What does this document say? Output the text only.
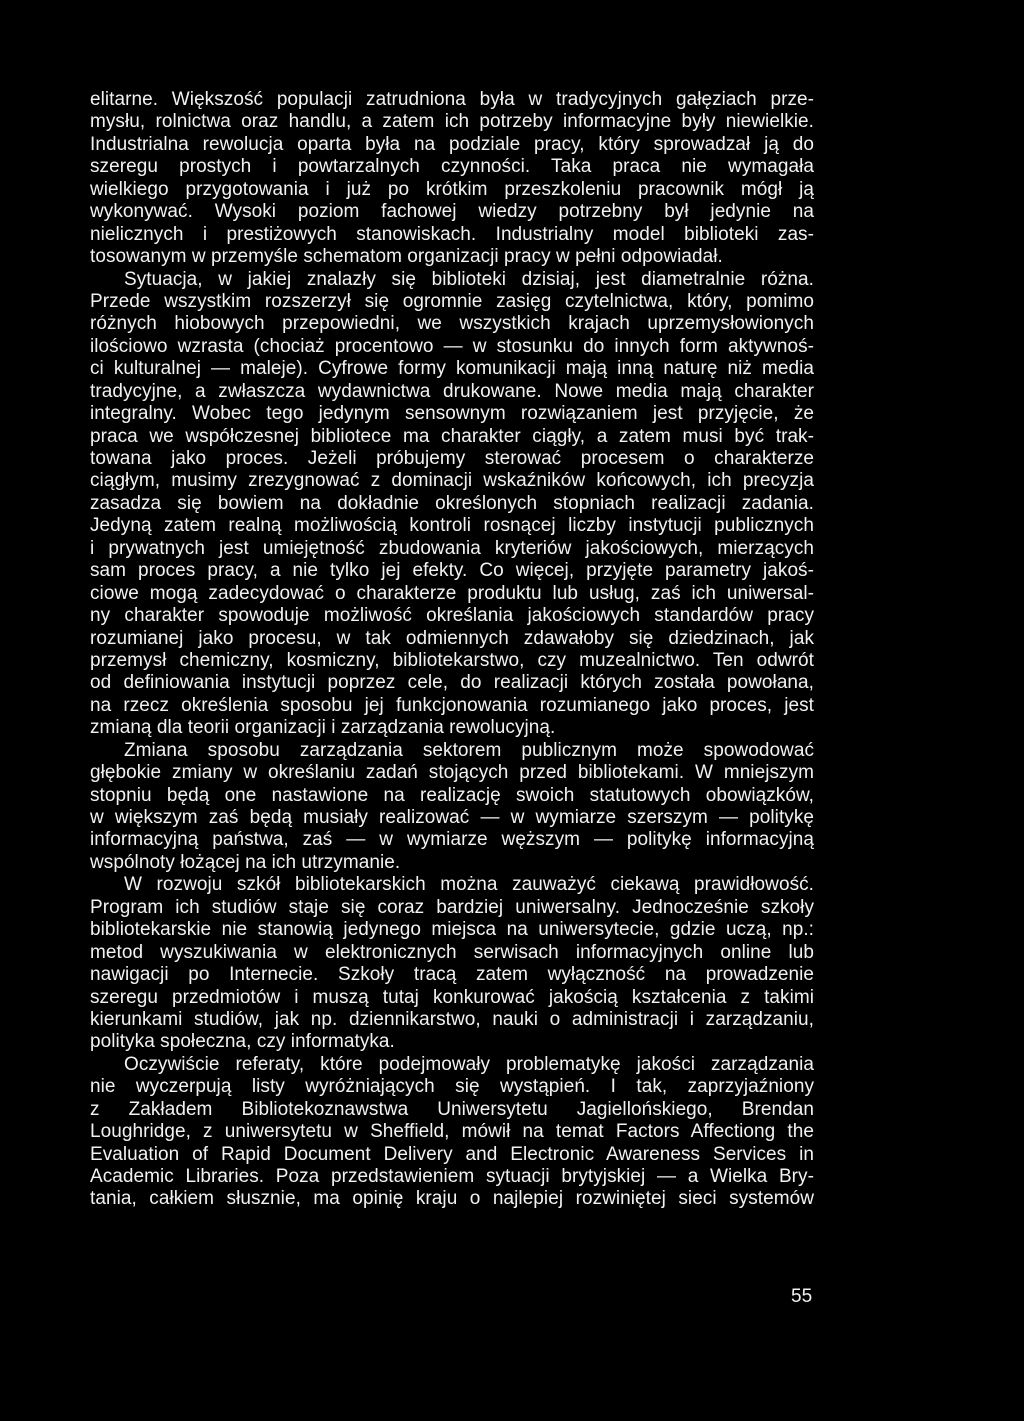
elitarne. Większość populacji zatrudniona była w tradycyjnych gałęziach prze-
mysłu, rolnictwa oraz handlu, a zatem ich potrzeby informacyjne były niewielkie.
Industrialna rewolucja oparta była na podziale pracy, który sprowadzał ją do
szeregu prostych i powtarzalnych czynności. Taka praca nie wymagała
wielkiego przygotowania i już po krótkim przeszkoleniu pracownik mógł ją
wykonywać. Wysoki poziom fachowej wiedzy potrzebny był jedynie na
nielicznych i prestiżowych stanowiskach. Industrialny model biblioteki zas-
tosowanym w przemyśle schematom organizacji pracy w pełni odpowiadał.
Sytuacja, w jakiej znalazły się biblioteki dzisiaj, jest diametralnie różna.
Przede wszystkim rozszerzył się ogromnie zasięg czytelnictwa, który, pomimo
różnych hiobowych przepowiedni, we wszystkich krajach uprzemysłowionych
ilościowo wzrasta (chociaż procentowo — w stosunku do innych form aktywnoś-
ci kulturalnej — maleje). Cyfrowe formy komunikacji mają inną naturę niż media
tradycyjne, a zwłaszcza wydawnictwa drukowane. Nowe media mają charakter
integralny. Wobec tego jedynym sensownym rozwiązaniem jest przyjęcie, że
praca we współczesnej bibliotece ma charakter ciągły, a zatem musi być trak-
towana jako proces. Jeżeli próbujemy sterować procesem o charakterze
ciągłym, musimy zrezygnować z dominacji wskaźników końcowych, ich precyzja
zasadza się bowiem na dokładnie określonych stopniach realizacji zadania.
Jedyną zatem realną możliwością kontroli rosnącej liczby instytucji publicznych
i prywatnych jest umiejętność zbudowania kryteriów jakościowych, mierzących
sam proces pracy, a nie tylko jej efekty. Co więcej, przyjęte parametry jakoś-
ciowe mogą zadecydować o charakterze produktu lub usług, zaś ich uniwersal-
ny charakter spowoduje możliwość określania jakościowych standardów pracy
rozumianej jako procesu, w tak odmiennych zdawałoby się dziedzinach, jak
przemysł chemiczny, kosmiczny, bibliotekarstwo, czy muzealnictwo. Ten odwrót
od definiowania instytucji poprzez cele, do realizacji których została powołana,
na rzecz określenia sposobu jej funkcjonowania rozumianego jako proces, jest
zmianą dla teorii organizacji i zarządzania rewolucyjną.
Zmiana sposobu zarządzania sektorem publicznym może spowodować
głębokie zmiany w określaniu zadań stojących przed bibliotekami. W mniejszym
stopniu będą one nastawione na realizację swoich statutowych obowiązków,
w większym zaś będą musiały realizować — w wymiarze szerszym — politykę
informacyjną państwa, zaś — w wymiarze węższym — politykę informacyjną
wspólnoty łożącej na ich utrzymanie.
W rozwoju szkół bibliotekarskich można zauważyć ciekawą prawidłowość.
Program ich studiów staje się coraz bardziej uniwersalny. Jednocześnie szkoły
bibliotekarskie nie stanowią jedynego miejsca na uniwersytecie, gdzie uczą, np.:
metod wyszukiwania w elektronicznych serwisach informacyjnych online lub
nawigacji po Internecie. Szkoły tracą zatem wyłączność na prowadzenie
szeregu przedmiotów i muszą tutaj konkurować jakością kształcenia z takimi
kierunkami studiów, jak np. dziennikarstwo, nauki o administracji i zarządzaniu,
polityka społeczna, czy informatyka.
Oczywiście referaty, które podejmowały problematykę jakości zarządzania
nie wyczerpują listy wyróżniających się wystąpień. I tak, zaprzyjaźniony
z Zakładem Bibliotekoznawstwa Uniwersytetu Jagiellońskiego, Brendan
Loughridge, z uniwersytetu w Sheffield, mówił na temat Factors Affectiong the
Evaluation of Rapid Document Delivery and Electronic Awareness Services in
Academic Libraries. Poza przedstawieniem sytuacji brytyjskiej — a Wielka Bry-
tania, całkiem słusznie, ma opinię kraju o najlepiej rozwiniętej sieci systemów
55
